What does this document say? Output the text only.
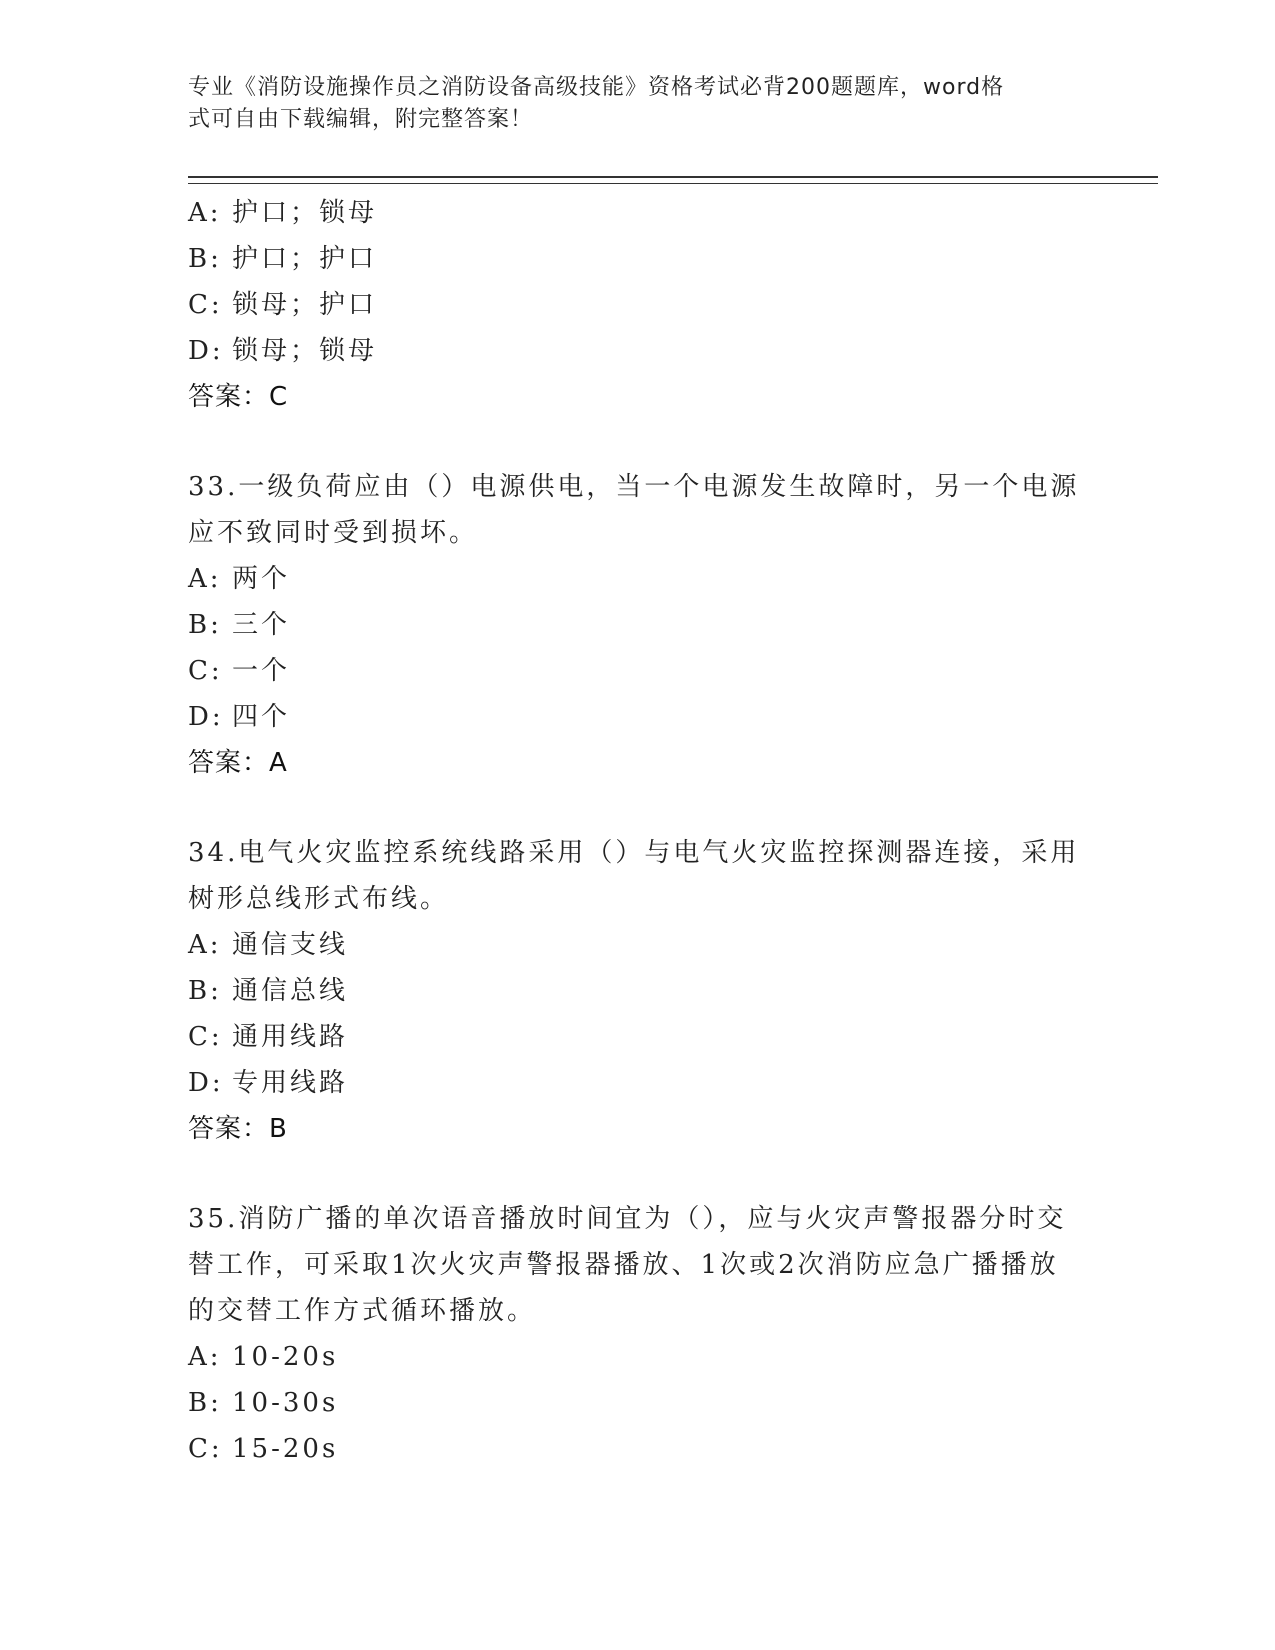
专业《消防设施操作员之消防设备高级技能》资格考试必背200题题库，word格
式可自由下载编辑，附完整答案！
A: 护口；锁母
B: 护口；护口
C: 锁母；护口
D: 锁母；锁母
答案：C
33.一级负荷应由（）电源供电，当一个电源发生故障时，另一个电源
应不致同时受到损坏。
A: 两个
B: 三个
C: 一个
D: 四个
答案：A
34.电气火灾监控系统线路采用（）与电气火灾监控探测器连接，采用
树形总线形式布线。
A: 通信支线
B: 通信总线
C: 通用线路
D: 专用线路
答案：B
35.消防广播的单次语音播放时间宜为（），应与火灾声警报器分时交
替工作，可采取1次火灾声警报器播放、1次或2次消防应急广播播放
的交替工作方式循环播放。
A: 10-20s
B: 10-30s
C: 15-20s
